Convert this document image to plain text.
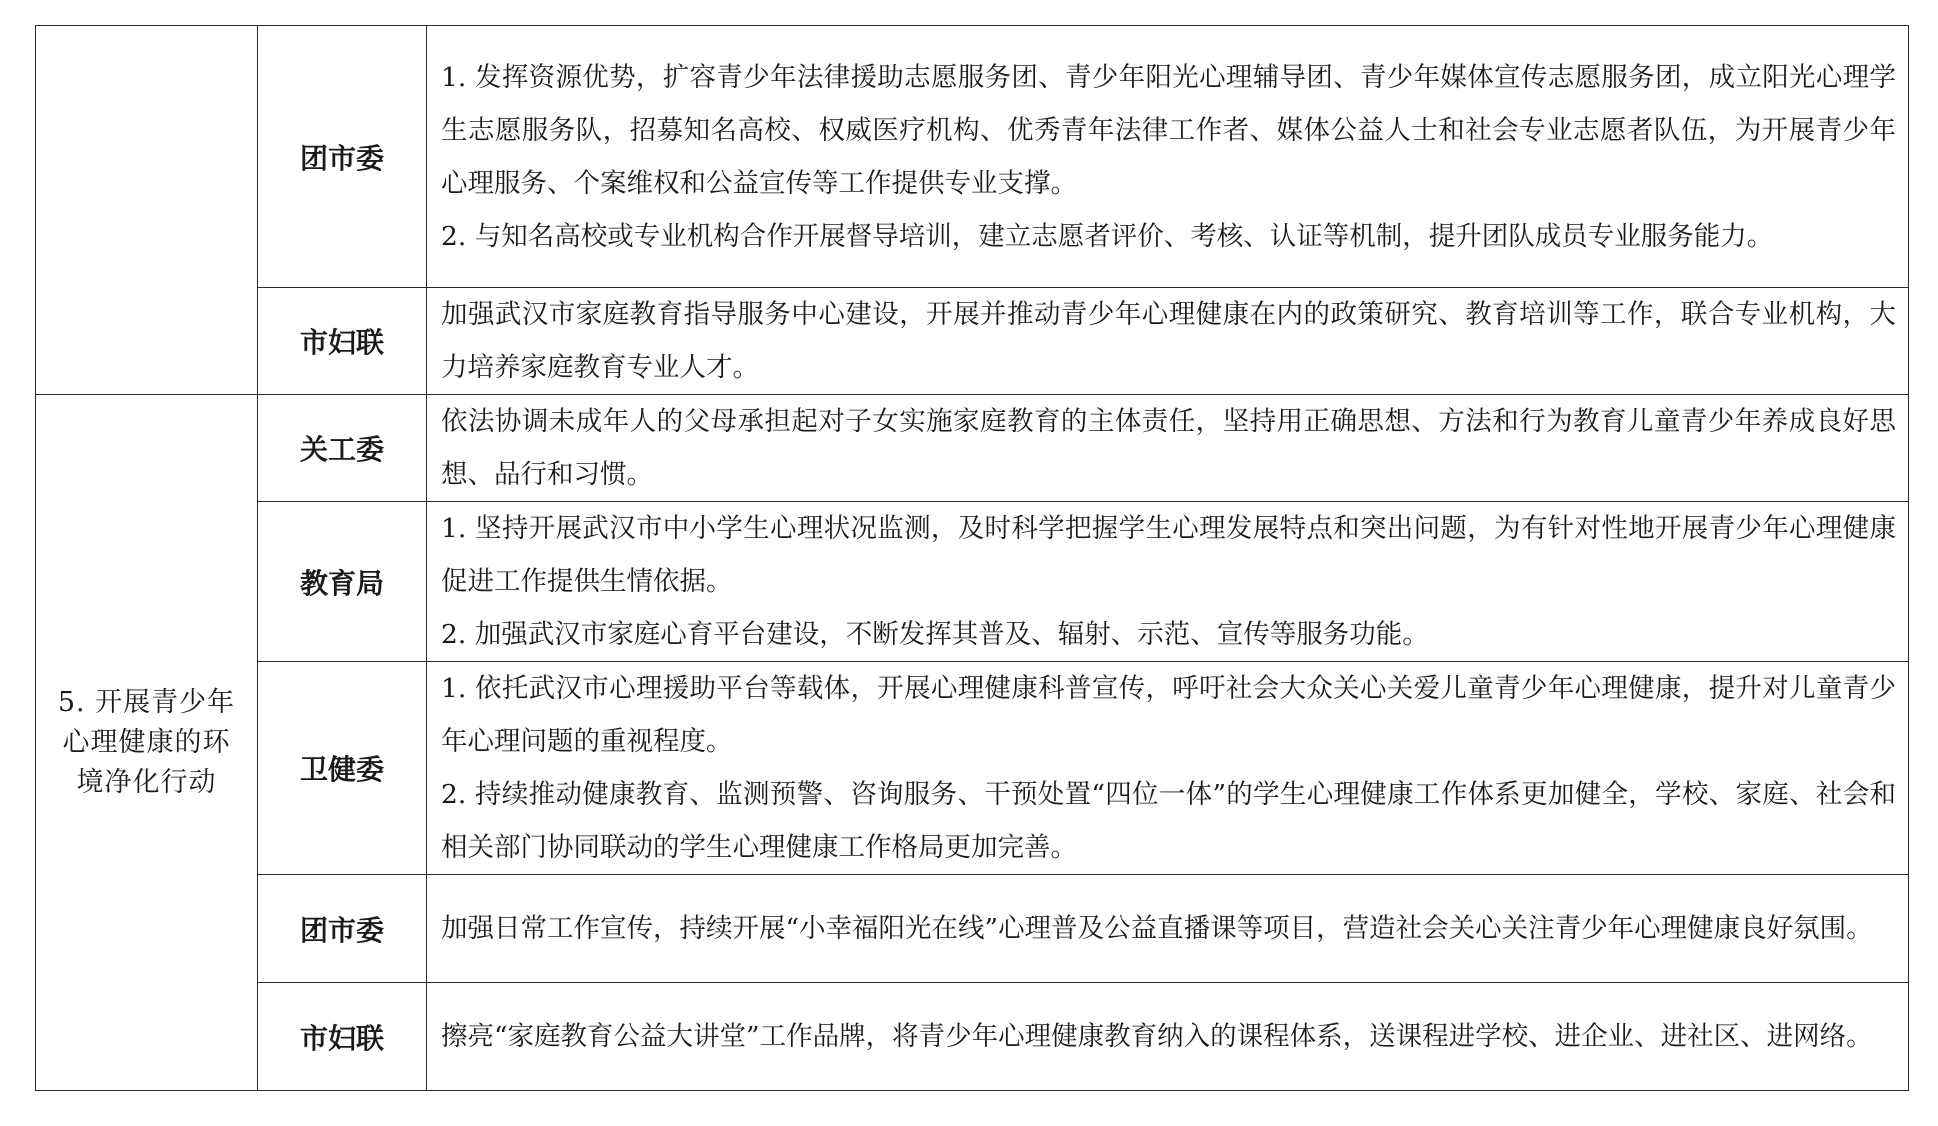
	团市委	1. 发挥资源优势，扩容青少年法律援助志愿服务团、青少年阳光心理辅导团、青少年媒体宣传志愿服务团，成立阳光心理学生志愿服务队，招募知名高校、权威医疗机构、优秀青年法律工作者、媒体公益人士和社会专业志愿者队伍，为开展青少年心理服务、个案维权和公益宣传等工作提供专业支撑。

2. 与知名高校或专业机构合作开展督导培训，建立志愿者评价、考核、认证等机制，提升团队成员专业服务能力。

	市妇联	加强武汉市家庭教育指导服务中心建设，开展并推动青少年心理健康在内的政策研究、教育培训等工作，联合专业机构，大力培养家庭教育专业人才。

5. 开展青少年心理健康的环境净化行动	关工委	依法协调未成年人的父母承担起对子女实施家庭教育的主体责任，坚持用正确思想、方法和行为教育儿童青少年养成良好思想、品行和习惯。

	教育局	1. 坚持开展武汉市中小学生心理状况监测，及时科学把握学生心理发展特点和突出问题，为有针对性地开展青少年心理健康促进工作提供生情依据。

2. 加强武汉市家庭心育平台建设，不断发挥其普及、辐射、示范、宣传等服务功能。

	卫健委	1. 依托武汉市心理援助平台等载体，开展心理健康科普宣传，呼吁社会大众关心关爱儿童青少年心理健康，提升对儿童青少年心理问题的重视程度。

2. 持续推动健康教育、监测预警、咨询服务、干预处置“四位一体”的学生心理健康工作体系更加健全，学校、家庭、社会和相关部门协同联动的学生心理健康工作格局更加完善。

	团市委	加强日常工作宣传，持续开展“小幸福阳光在线”心理普及公益直播课等项目，营造社会关心关注青少年心理健康良好氛围。

	市妇联	擦亮“家庭教育公益大讲堂”工作品牌，将青少年心理健康教育纳入的课程体系，送课程进学校、进企业、进社区、进网络。
